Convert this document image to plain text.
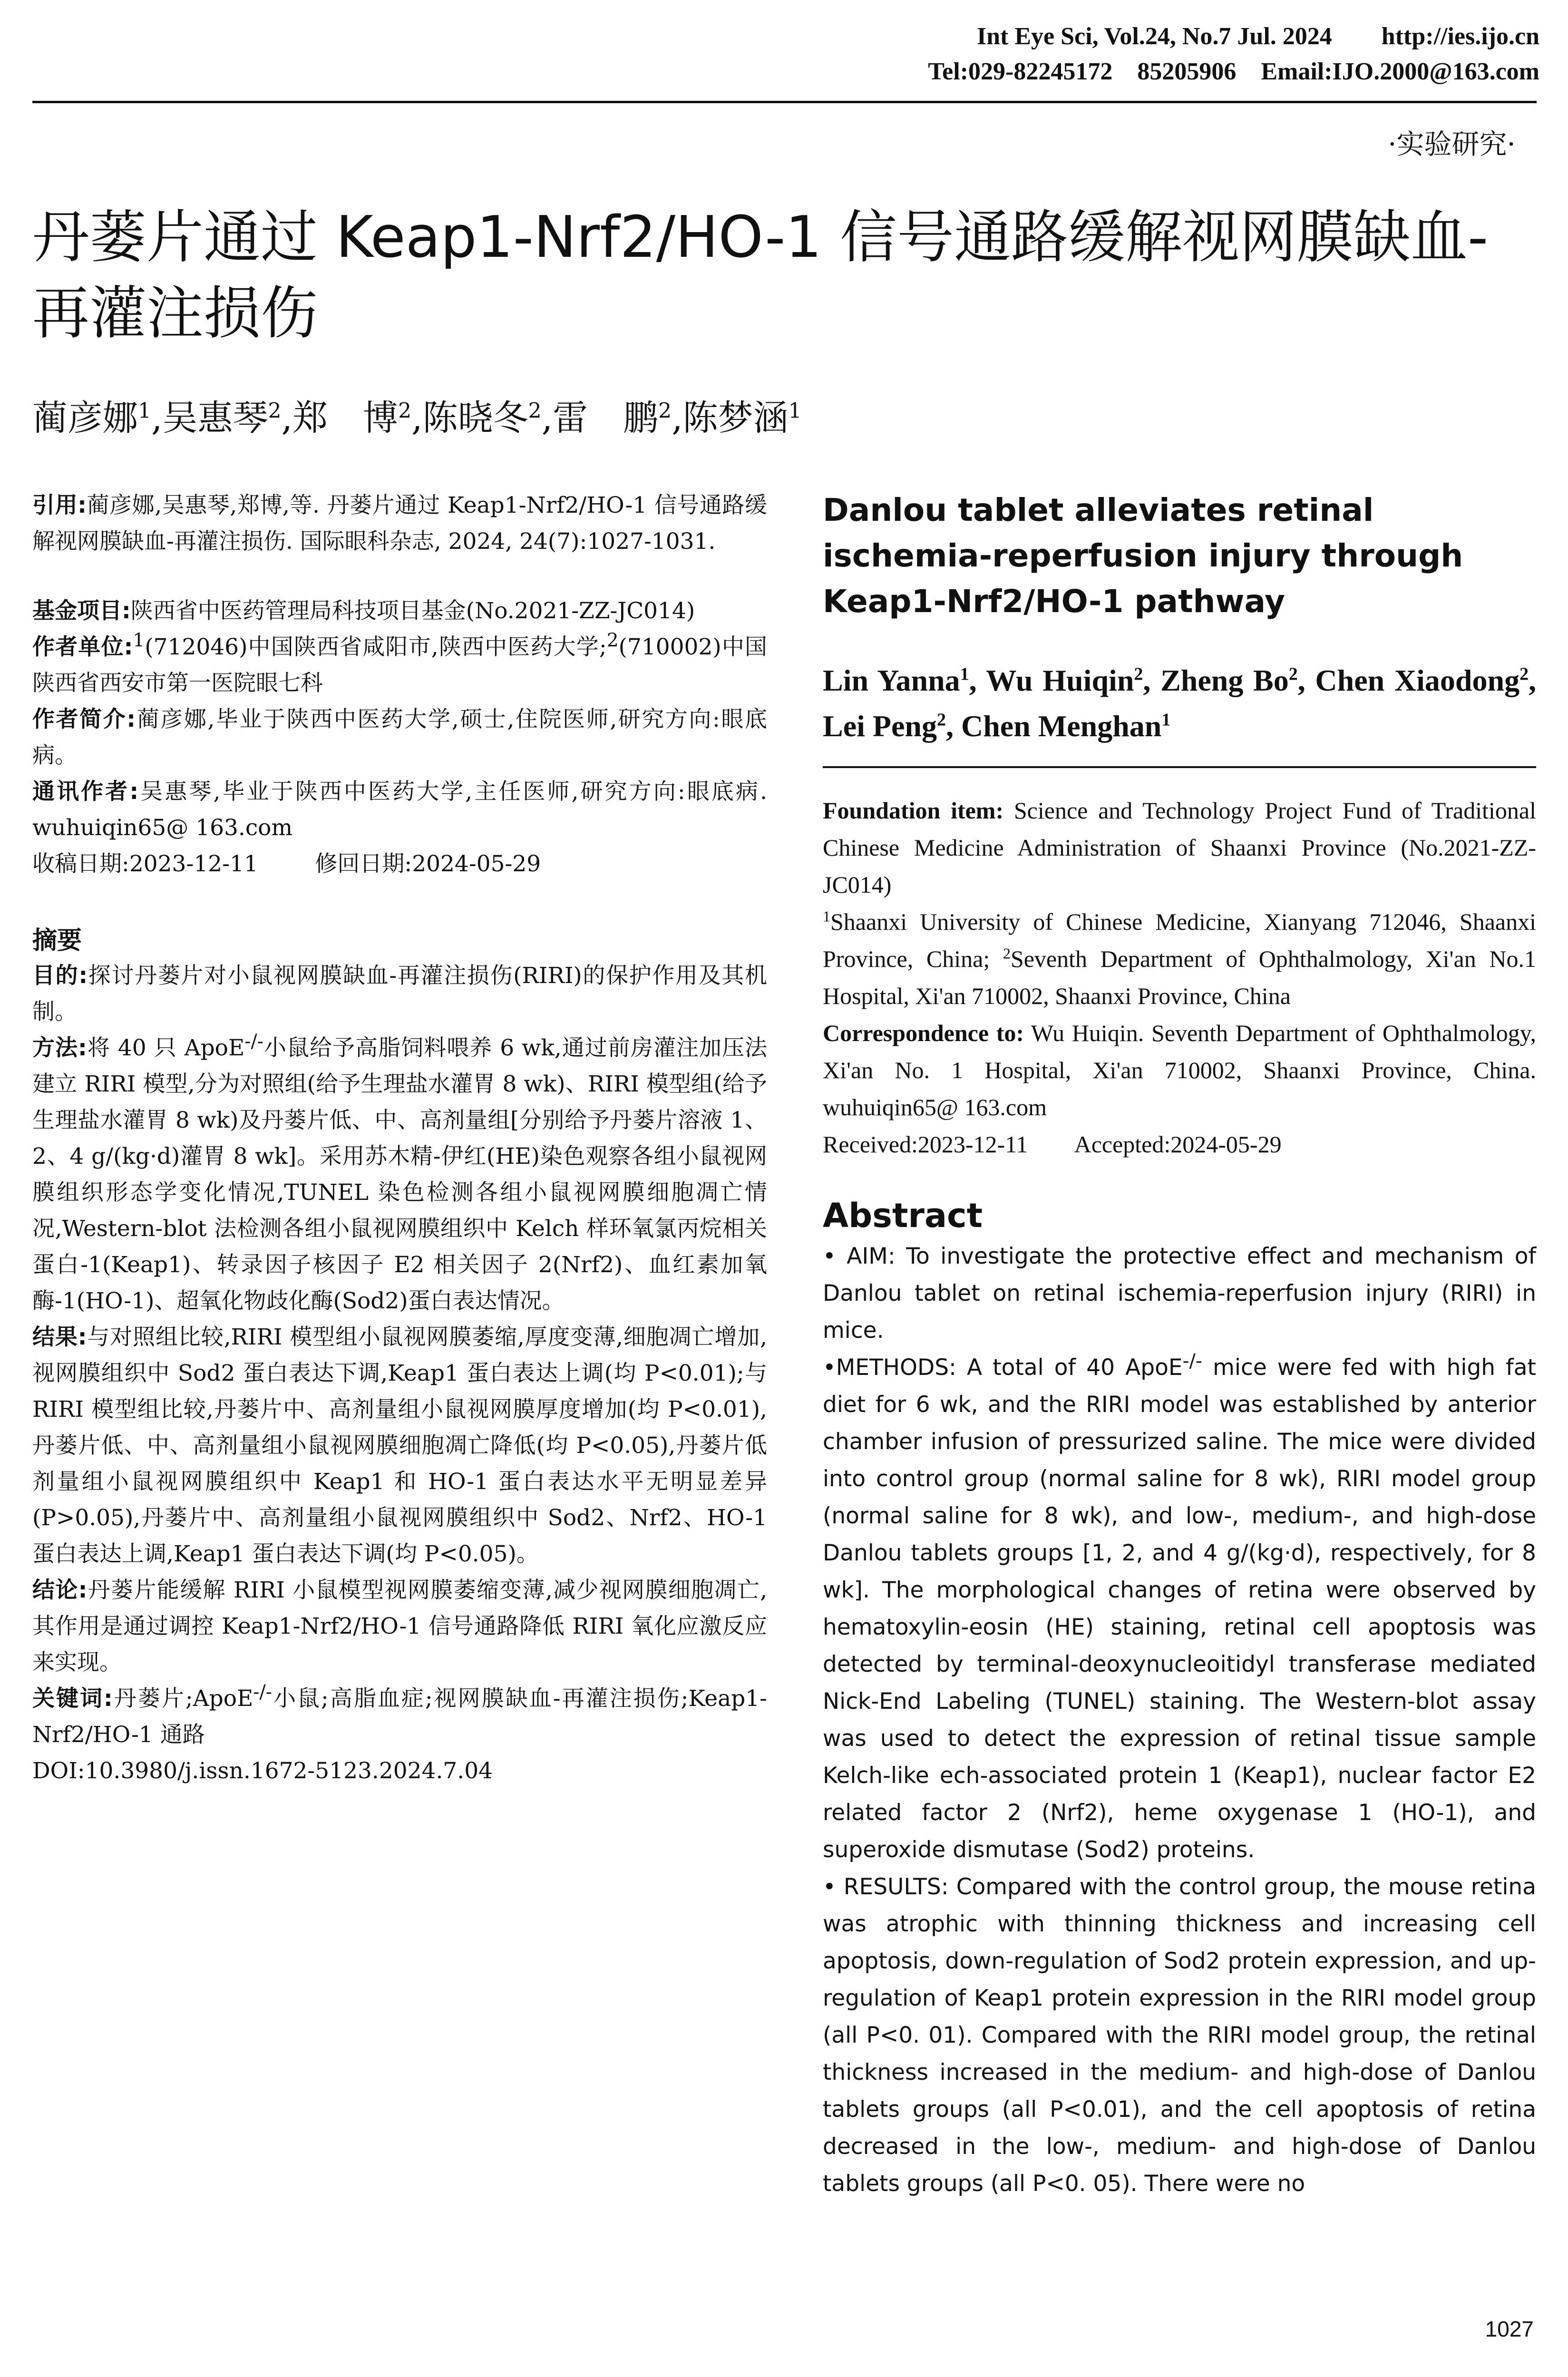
Int Eye Sci, Vol.24, No.7 Jul. 2024        http://ies.ijo.cn
Tel:029-82245172    85205906    Email:IJO.2000@163.com
·实验研究·
丹蒌片通过 Keap1-Nrf2/HO-1 信号通路缓解视网膜缺血-再灌注损伤
蔺彦娜$^1$,吴惠琴$^2$,郑　博$^2$,陈晓冬$^2$,雷　鹏$^2$,陈梦涵$^1$

引用:蔺彦娜,吴惠琴,郑博,等. 丹蒌片通过 Keap1-Nrf2/HO-1 信号通路缓解视网膜缺血-再灌注损伤. 国际眼科杂志, 2024, 24(7):1027-1031.

基金项目:陕西省中医药管理局科技项目基金(No.2021-ZZ-JC014)

作者单位:$^1$(712046)中国陕西省咸阳市,陕西中医药大学;$^2$(710002)中国陕西省西安市第一医院眼七科

作者简介:蔺彦娜,毕业于陕西中医药大学,硕士,住院医师,研究方向:眼底病。

通讯作者:吴惠琴,毕业于陕西中医药大学,主任医师,研究方向:眼底病. wuhuiqin65@ 163.com

收稿日期:2023-12-11	修回日期:2024-05-29

摘要

目的:探讨丹蒌片对小鼠视网膜缺血-再灌注损伤(RIRI)的保护作用及其机制。

方法:将 40 只 ApoE-/-小鼠给予高脂饲料喂养 6 wk,通过前房灌注加压法建立 RIRI 模型,分为对照组(给予生理盐水灌胃 8 wk)、RIRI 模型组(给予生理盐水灌胃 8 wk)及丹蒌片低、中、高剂量组[分别给予丹蒌片溶液 1、2、4 g/(kg·d)灌胃 8 wk]。采用苏木精-伊红(HE)染色观察各组小鼠视网膜组织形态学变化情况,TUNEL 染色检测各组小鼠视网膜细胞凋亡情况,Western-blot 法检测各组小鼠视网膜组织中 Kelch 样环氧氯丙烷相关蛋白-1(Keap1)、转录因子核因子 E2 相关因子 2(Nrf2)、血红素加氧酶-1(HO-1)、超氧化物歧化酶(Sod2)蛋白表达情况。

结果:与对照组比较,RIRI 模型组小鼠视网膜萎缩,厚度变薄,细胞凋亡增加,视网膜组织中 Sod2 蛋白表达下调,Keap1 蛋白表达上调(均 P<0.01);与 RIRI 模型组比较,丹蒌片中、高剂量组小鼠视网膜厚度增加(均 P<0.01),丹蒌片低、中、高剂量组小鼠视网膜细胞凋亡降低(均 P<0.05),丹蒌片低剂量组小鼠视网膜组织中 Keap1 和 HO-1 蛋白表达水平无明显差异(P>0.05),丹蒌片中、高剂量组小鼠视网膜组织中 Sod2、Nrf2、HO-1 蛋白表达上调,Keap1 蛋白表达下调(均 P<0.05)。

结论:丹蒌片能缓解 RIRI 小鼠模型视网膜萎缩变薄,减少视网膜细胞凋亡,其作用是通过调控 Keap1-Nrf2/HO-1 信号通路降低 RIRI 氧化应激反应来实现。

关键词:丹蒌片;ApoE-/-小鼠;高脂血症;视网膜缺血-再灌注损伤;Keap1-Nrf2/HO-1 通路

DOI:10.3980/j.issn.1672-5123.2024.7.04

Danlou tablet alleviates retinal ischemia-reperfusion injury through Keap1-Nrf2/HO-1 pathway

Lin Yanna$^1$, Wu Huiqin$^2$, Zheng Bo$^2$, Chen Xiaodong$^2$, Lei Peng$^2$, Chen Menghan$^1$

Foundation item: Science and Technology Project Fund of Traditional Chinese Medicine Administration of Shaanxi Province (No.2021-ZZ-JC014)

$^1$Shaanxi University of Chinese Medicine, Xianyang 712046, Shaanxi Province, China; $^2$Seventh Department of Ophthalmology, Xi'an No.1 Hospital, Xi'an 710002, Shaanxi Province, China

Correspondence to: Wu Huiqin. Seventh Department of Ophthalmology, Xi'an No. 1 Hospital, Xi'an 710002, Shaanxi Province, China. wuhuiqin65@ 163.com

Received:2023-12-11 Accepted:2024-05-29

Abstract

• AIM: To investigate the protective effect and mechanism of Danlou tablet on retinal ischemia-reperfusion injury (RIRI) in mice.

•METHODS: A total of 40 ApoE-/- mice were fed with high fat diet for 6 wk, and the RIRI model was established by anterior chamber infusion of pressurized saline. The mice were divided into control group (normal saline for 8 wk), RIRI model group (normal saline for 8 wk), and low-, medium-, and high-dose Danlou tablets groups [1, 2, and 4 g/(kg·d), respectively, for 8 wk]. The morphological changes of retina were observed by hematoxylin-eosin (HE) staining, retinal cell apoptosis was detected by terminal-deoxynucleoitidyl transferase mediated Nick-End Labeling (TUNEL) staining. The Western-blot assay was used to detect the expression of retinal tissue sample Kelch-like ech-associated protein 1 (Keap1), nuclear factor E2 related factor 2 (Nrf2), heme oxygenase 1 (HO-1), and superoxide dismutase (Sod2) proteins.

• RESULTS: Compared with the control group, the mouse retina was atrophic with thinning thickness and increasing cell apoptosis, down-regulation of Sod2 protein expression, and up-regulation of Keap1 protein expression in the RIRI model group (all P<0. 01). Compared with the RIRI model group, the retinal thickness increased in the medium- and high-dose of Danlou tablets groups (all P<0.01), and the cell apoptosis of retina decreased in the low-, medium- and high-dose of Danlou tablets groups (all P<0. 05). There were no

1027
